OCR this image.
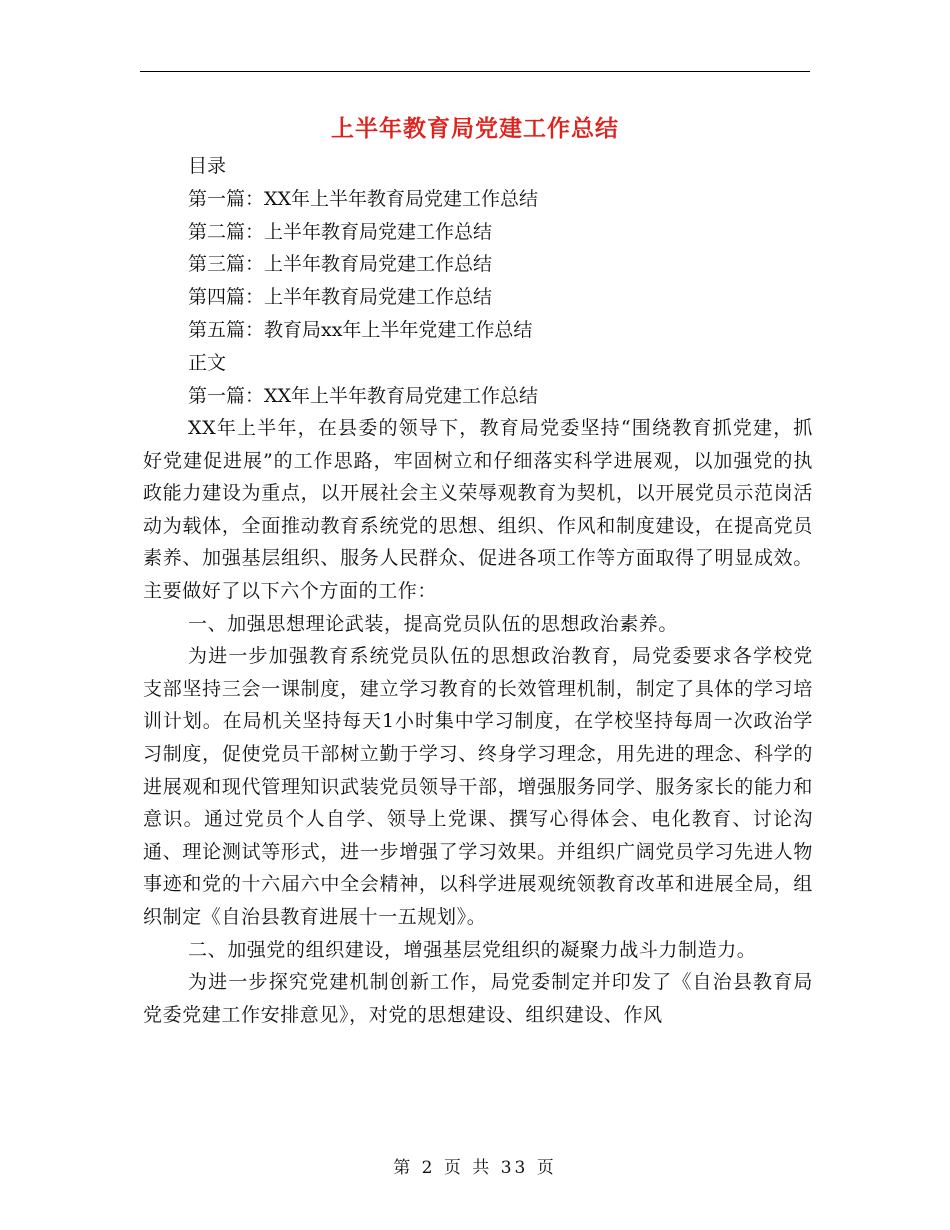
上半年教育局党建工作总结
目录
第一篇：XX年上半年教育局党建工作总结
第二篇：上半年教育局党建工作总结
第三篇：上半年教育局党建工作总结
第四篇：上半年教育局党建工作总结
第五篇：教育局xx年上半年党建工作总结
正文
第一篇：XX年上半年教育局党建工作总结

XX年上半年，在县委的领导下，教育局党委坚持“围绕教育抓党建，抓好党建促进展”的工作思路，牢固树立和仔细落实科学进展观，以加强党的执政能力建设为重点，以开展社会主义荣辱观教育为契机，以开展党员示范岗活动为载体，全面推动教育系统党的思想、组织、作风和制度建设，在提高党员素养、加强基层组织、服务人民群众、促进各项工作等方面取得了明显成效。主要做好了以下六个方面的工作：

一、加强思想理论武装，提高党员队伍的思想政治素养。

为进一步加强教育系统党员队伍的思想政治教育，局党委要求各学校党支部坚持三会一课制度，建立学习教育的长效管理机制，制定了具体的学习培训计划。在局机关坚持每天1小时集中学习制度，在学校坚持每周一次政治学习制度，促使党员干部树立勤于学习、终身学习理念，用先进的理念、科学的进展观和现代管理知识武装党员领导干部，增强服务同学、服务家长的能力和意识。通过党员个人自学、领导上党课、撰写心得体会、电化教育、讨论沟通、理论测试等形式，进一步增强了学习效果。并组织广阔党员学习先进人物事迹和党的十六届六中全会精神，以科学进展观统领教育改革和进展全局，组织制定《自治县教育进展十一五规划》。

二、加强党的组织建设，增强基层党组织的凝聚力战斗力制造力。

为进一步探究党建机制创新工作，局党委制定并印发了《自治县教育局党委党建工作安排意见》，对党的思想建设、组织建设、作风

第 2 页 共 33 页
